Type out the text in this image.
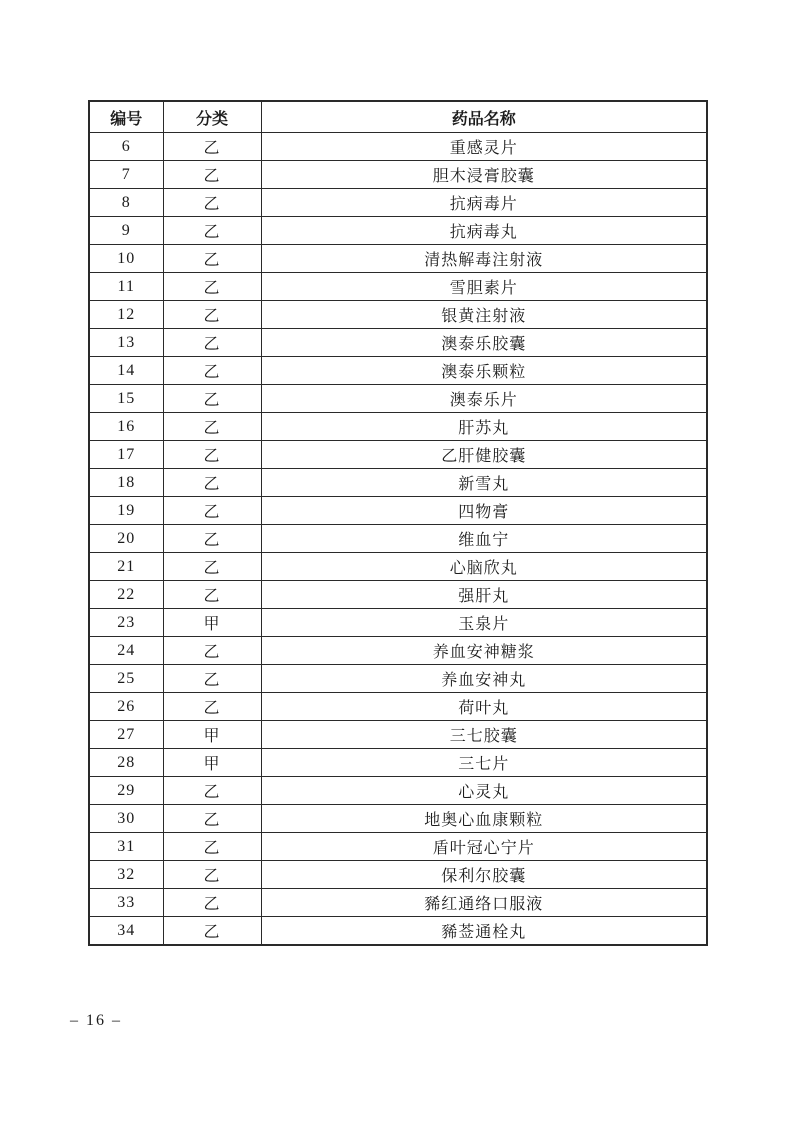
编号	分类	药品名称
6	乙	重感灵片
7	乙	胆木浸膏胶囊
8	乙	抗病毒片
9	乙	抗病毒丸
10	乙	清热解毒注射液
11	乙	雪胆素片
12	乙	银黄注射液
13	乙	澳泰乐胶囊
14	乙	澳泰乐颗粒
15	乙	澳泰乐片
16	乙	肝苏丸
17	乙	乙肝健胶囊
18	乙	新雪丸
19	乙	四物膏
20	乙	维血宁
21	乙	心脑欣丸
22	乙	强肝丸
23	甲	玉泉片
24	乙	养血安神糖浆
25	乙	养血安神丸
26	乙	荷叶丸
27	甲	三七胶囊
28	甲	三七片
29	乙	心灵丸
30	乙	地奥心血康颗粒
31	乙	盾叶冠心宁片
32	乙	保利尔胶囊
33	乙	豨红通络口服液
34	乙	豨莶通栓丸
– 16 –
